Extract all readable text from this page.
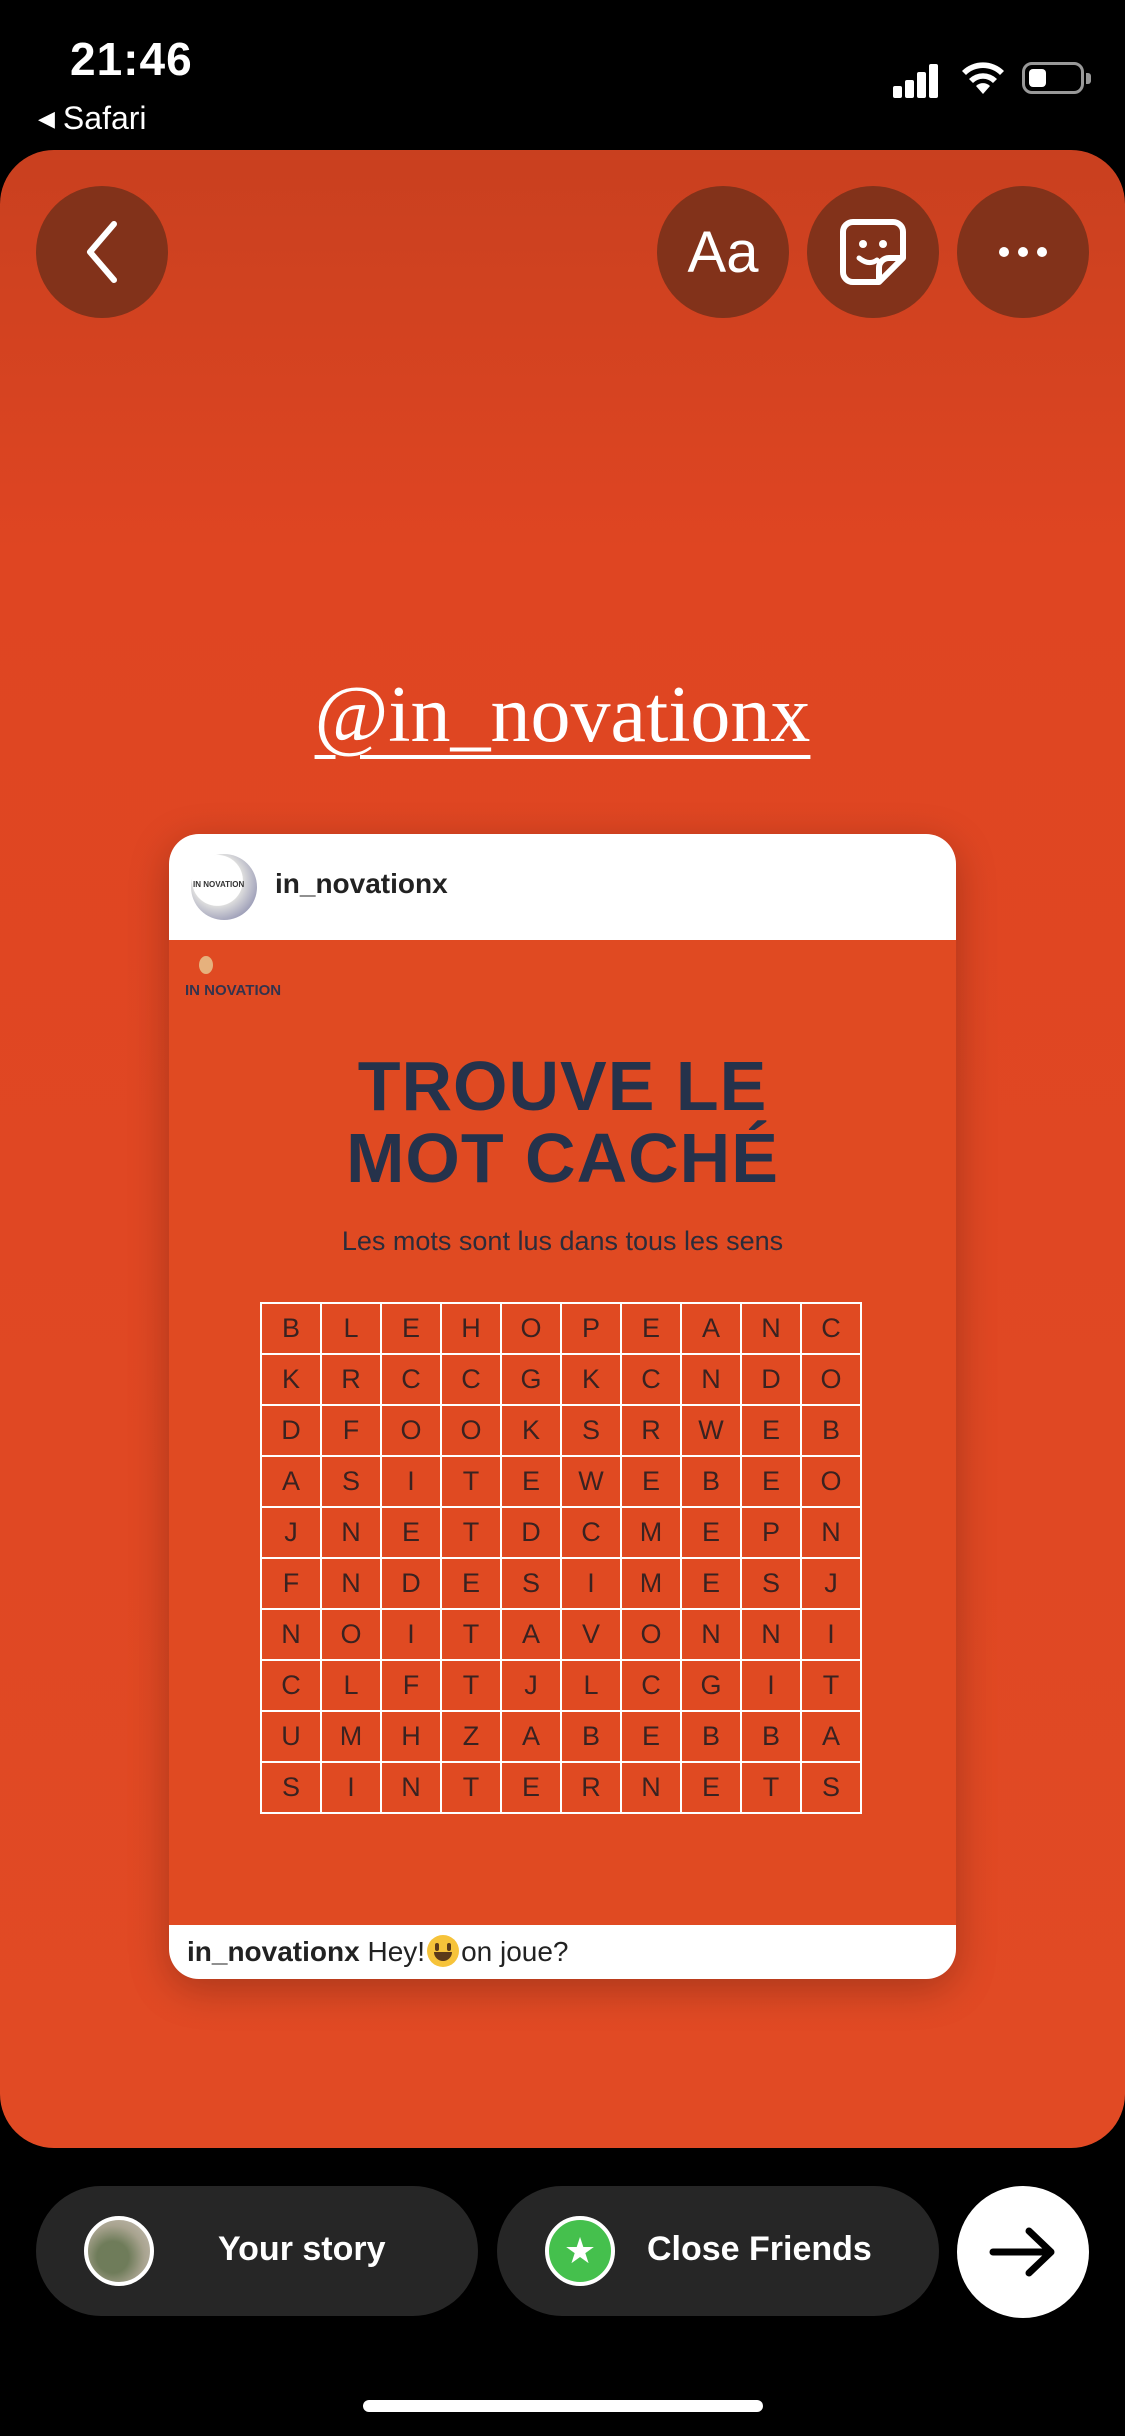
21:46
◀ Safari
Aa
@in_novationx
IN NOVATION in_novationx
IN NOVATION
TROUVE LE
MOT CACHÉ
Les mots sont lus dans tous les sens
B	L	E	H	O	P	E	A	N	C
K	R	C	C	G	K	C	N	D	O
D	F	O	O	K	S	R	W	E	B
A	S	I	T	E	W	E	B	E	O
J	N	E	T	D	C	M	E	P	N
F	N	D	E	S	I	M	E	S	J
N	O	I	T	A	V	O	N	N	I
C	L	F	T	J	L	C	G	I	T
U	M	H	Z	A	B	E	B	B	A
S	I	N	T	E	R	N	E	T	S
in_novationx Hey! on joue?
Your story	★	Close Friends
